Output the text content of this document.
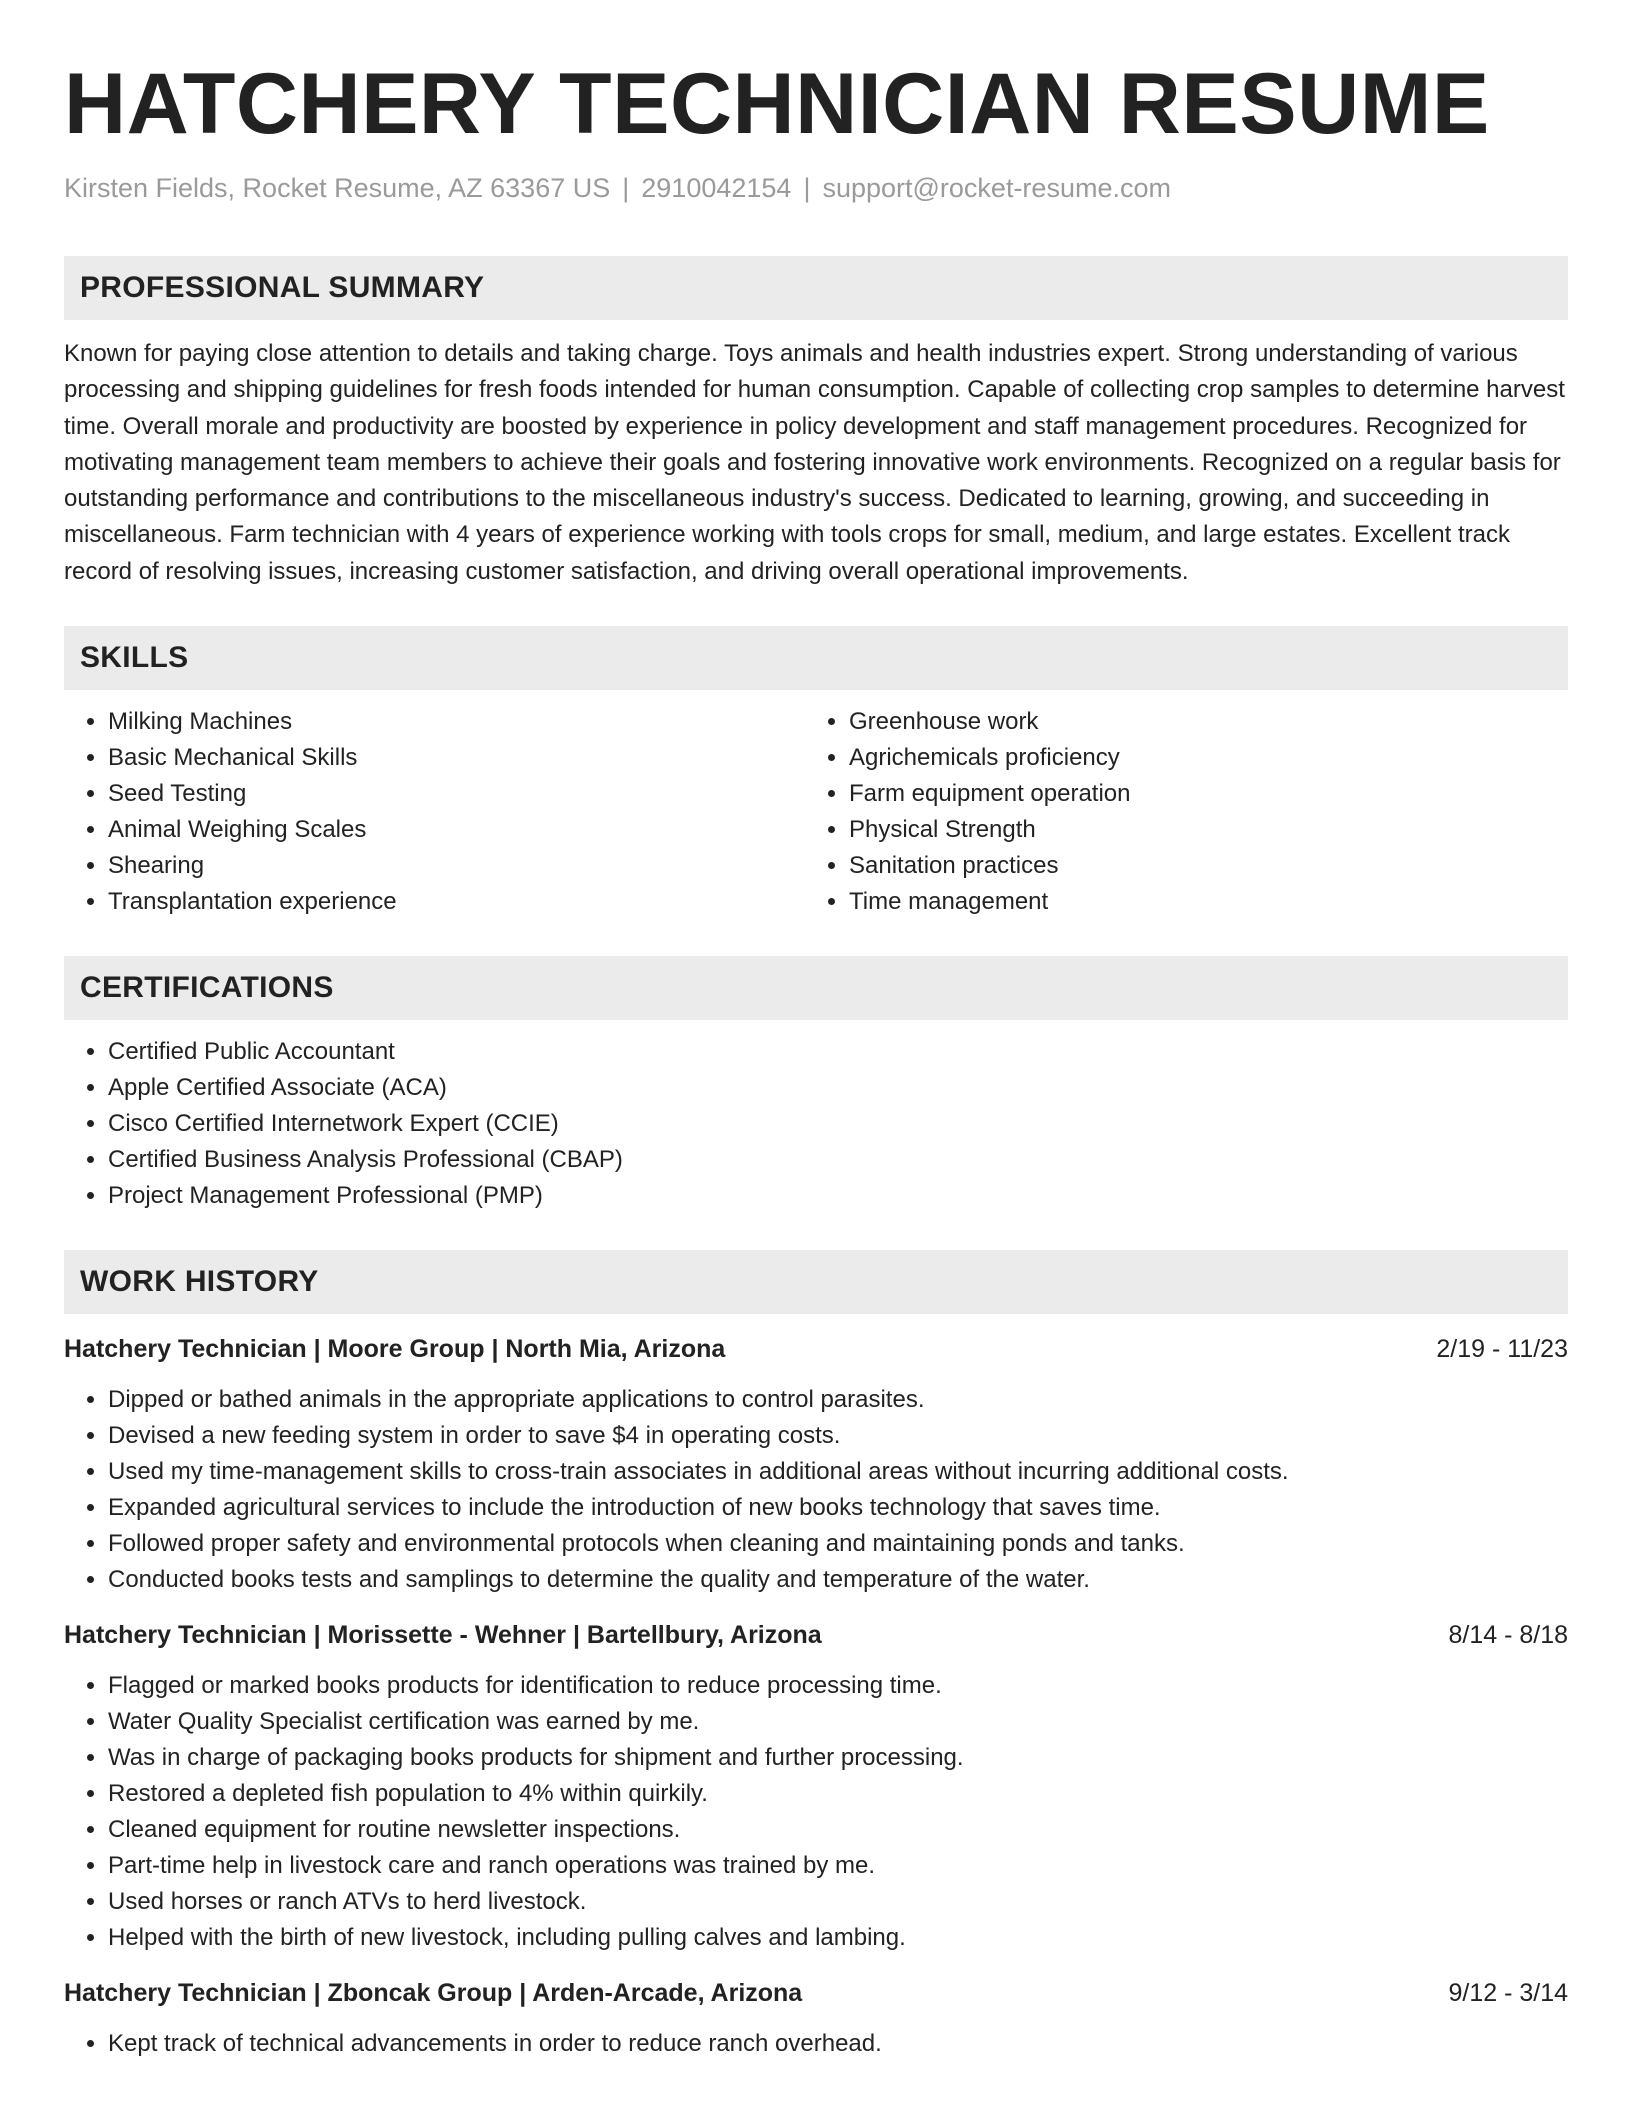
HATCHERY TECHNICIAN RESUME
Kirsten Fields, Rocket Resume, AZ 63367 US | 2910042154 | support@rocket-resume.com
PROFESSIONAL SUMMARY
Known for paying close attention to details and taking charge. Toys animals and health industries expert. Strong understanding of various processing and shipping guidelines for fresh foods intended for human consumption. Capable of collecting crop samples to determine harvest time. Overall morale and productivity are boosted by experience in policy development and staff management procedures. Recognized for motivating management team members to achieve their goals and fostering innovative work environments. Recognized on a regular basis for outstanding performance and contributions to the miscellaneous industry's success. Dedicated to learning, growing, and succeeding in miscellaneous. Farm technician with 4 years of experience working with tools crops for small, medium, and large estates. Excellent track record of resolving issues, increasing customer satisfaction, and driving overall operational improvements.
SKILLS
• Milking Machines
• Basic Mechanical Skills
• Seed Testing
• Animal Weighing Scales
• Shearing
• Transplantation experience
• Greenhouse work
• Agrichemicals proficiency
• Farm equipment operation
• Physical Strength
• Sanitation practices
• Time management
CERTIFICATIONS
• Certified Public Accountant
• Apple Certified Associate (ACA)
• Cisco Certified Internetwork Expert (CCIE)
• Certified Business Analysis Professional (CBAP)
• Project Management Professional (PMP)
WORK HISTORY
Hatchery Technician | Moore Group | North Mia, Arizona	2/19 - 11/23
• Dipped or bathed animals in the appropriate applications to control parasites.
• Devised a new feeding system in order to save $4 in operating costs.
• Used my time-management skills to cross-train associates in additional areas without incurring additional costs.
• Expanded agricultural services to include the introduction of new books technology that saves time.
• Followed proper safety and environmental protocols when cleaning and maintaining ponds and tanks.
• Conducted books tests and samplings to determine the quality and temperature of the water.
Hatchery Technician | Morissette - Wehner | Bartellbury, Arizona	8/14 - 8/18
• Flagged or marked books products for identification to reduce processing time.
• Water Quality Specialist certification was earned by me.
• Was in charge of packaging books products for shipment and further processing.
• Restored a depleted fish population to 4% within quirkily.
• Cleaned equipment for routine newsletter inspections.
• Part-time help in livestock care and ranch operations was trained by me.
• Used horses or ranch ATVs to herd livestock.
• Helped with the birth of new livestock, including pulling calves and lambing.
Hatchery Technician | Zboncak Group | Arden-Arcade, Arizona	9/12 - 3/14
• Kept track of technical advancements in order to reduce ranch overhead.
